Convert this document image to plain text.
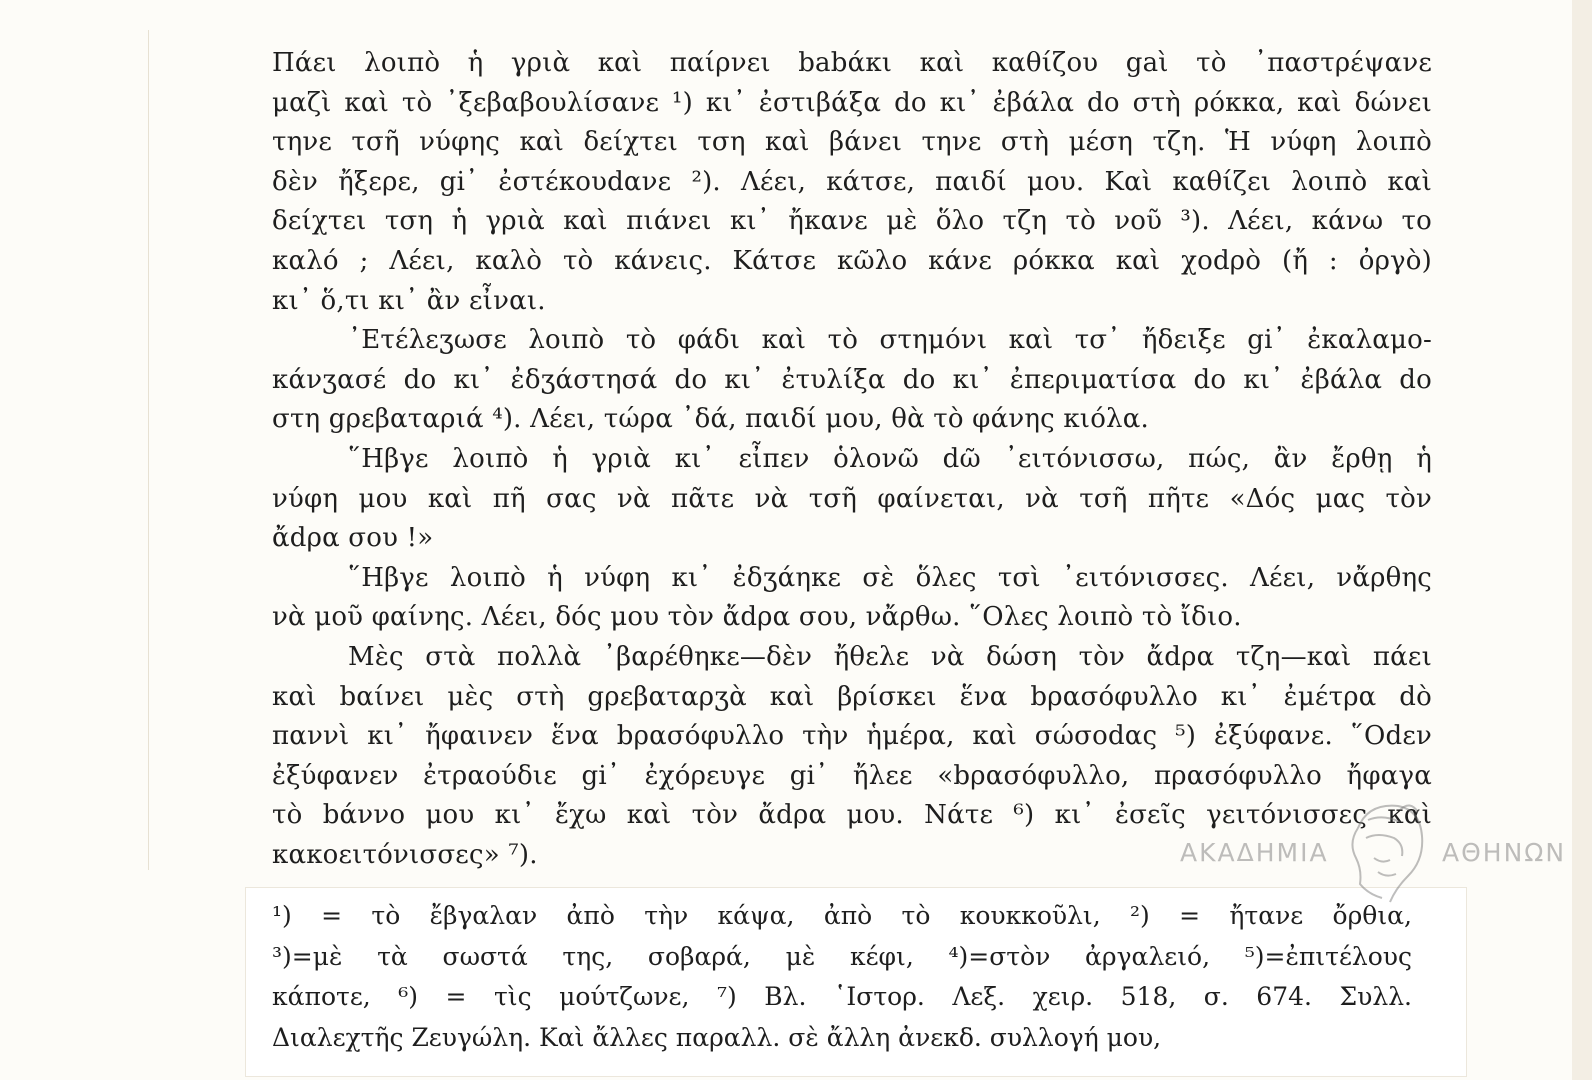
Πάει λοιπὸ ἡ γριὰ καὶ παίρνει babάκι καὶ καθίζου gaὶ τὸ ᾿παστρέψανε
μαζὶ καὶ τὸ ᾿ξεβαβουλίσανε ¹) κι᾿ ἐστιβάξα do κι᾿ ἐβάλα do στὴ ρόκκα, καὶ δώνει
τηνε τσῆ νύφης καὶ δείχτει τση καὶ βάνει τηνε στὴ μέση τζη. Ἡ νύφη λοιπὸ
δὲν ἤξερε, gi᾿ ἐστέκουdανε ²). Λέει, κάτσε, παιδί μου. Καὶ καθίζει λοιπὸ καὶ
δείχτει τση ἡ γριὰ καὶ πιάνει κι᾿ ἤκανε μὲ ὅλο τζη τὸ νοῦ ³). Λέει, κάνω το
καλό ; Λέει, καλὸ τὸ κάνεις. Κάτσε κῶλο κάνε ρόκκα καὶ χοdρὸ (ἤ : ὀργὸ)
κι᾿ ὅ,τι κι᾿ ἂν εἶναι.
᾿Ετέλεӡωσε λοιπὸ τὸ φάδι καὶ τὸ στημόνι καὶ τσ᾿ ἤδειξε gi᾿ ἐκαλαμο-
κάνӡασέ do κι᾿ ἐδӡάστησά do κι᾿ ἐτυλίξα do κι᾿ ἐπεριματίσα do κι᾿ ἐβάλα do
στη gρεβαταριά ⁴). Λέει, τώρα ᾿δά, παιδί μου, θὰ τὸ φάνης κιόλα.
῞Ηβγε λοιπὸ ἡ γριὰ κι᾿ εἶπεν ὁλονῶ dῶ ᾿ειτόνισσω, πώς, ἂν ἔρθῃ ἡ
νύφη μου καὶ πῆ σας νὰ πᾶτε νὰ τσῆ φαίνεται, νὰ τσῆ πῆτε «Δός μας τὸν
ἄdρα σου !»
῞Ηβγε λοιπὸ ἡ νύφη κι᾿ ἐδӡάηκε σὲ ὅλες τσὶ ᾿ειτόνισσες. Λέει, νἄρθης
νὰ μοῦ φαίνης. Λέει, δός μου τὸν ἄdρα σου, νἄρθω. ῞Ολες λοιπὸ τὸ ἴδιο.
Μὲς στὰ πολλὰ ᾿βαρέθηκε—δὲν ἤθελε νὰ δώση τὸν ἄdρα τζη—καὶ πάει
καὶ bαίνει μὲς στὴ gρεβαταρӡὰ καὶ βρίσκει ἕνα bρασόφυλλο κι᾿ ἐμέτρα dὸ
παννὶ κι᾿ ἤφαινεν ἕνα bρασόφυλλο τὴν ἡμέρα, καὶ σώσοdας ⁵) ἐξύφανε. ῞Οdεν
ἐξύφανεν ἐτραούδιε gi᾿ ἐχόρευγε gi᾿ ἤλεε «bρασόφυλλο, πρασόφυλλο ἤφαγα
τὸ bάννο μου κι᾿ ἔχω καὶ τὸν ἄdρα μου. Νάτε ⁶) κι᾿ ἐσεῖς γειτόνισσες καὶ
κακοειτόνισσες» ⁷).
¹) = τὸ ἔβγαλαν ἀπὸ τὴν κάψα, ἀπὸ τὸ κουκκοῦλι, ²) = ἤτανε ὄρθια,
³)=μὲ τὰ σωστά της, σοβαρά, μὲ κέφι, ⁴)=στὸν ἀργαλειό, ⁵)=ἐπιτέλους
κάποτε, ⁶) = τὶς μούτζωνε, ⁷) Βλ. ῾Ιστορ. Λεξ. χειρ. 518, σ. 674. Συλλ.
Διαλεχτῆς Ζευγώλη. Καὶ ἄλλες παραλλ. σὲ ἄλλη ἀνεκδ. συλλογή μου,
ΑΚΑΔΗΜΙΑ	ΑΘΗΝΩΝ
